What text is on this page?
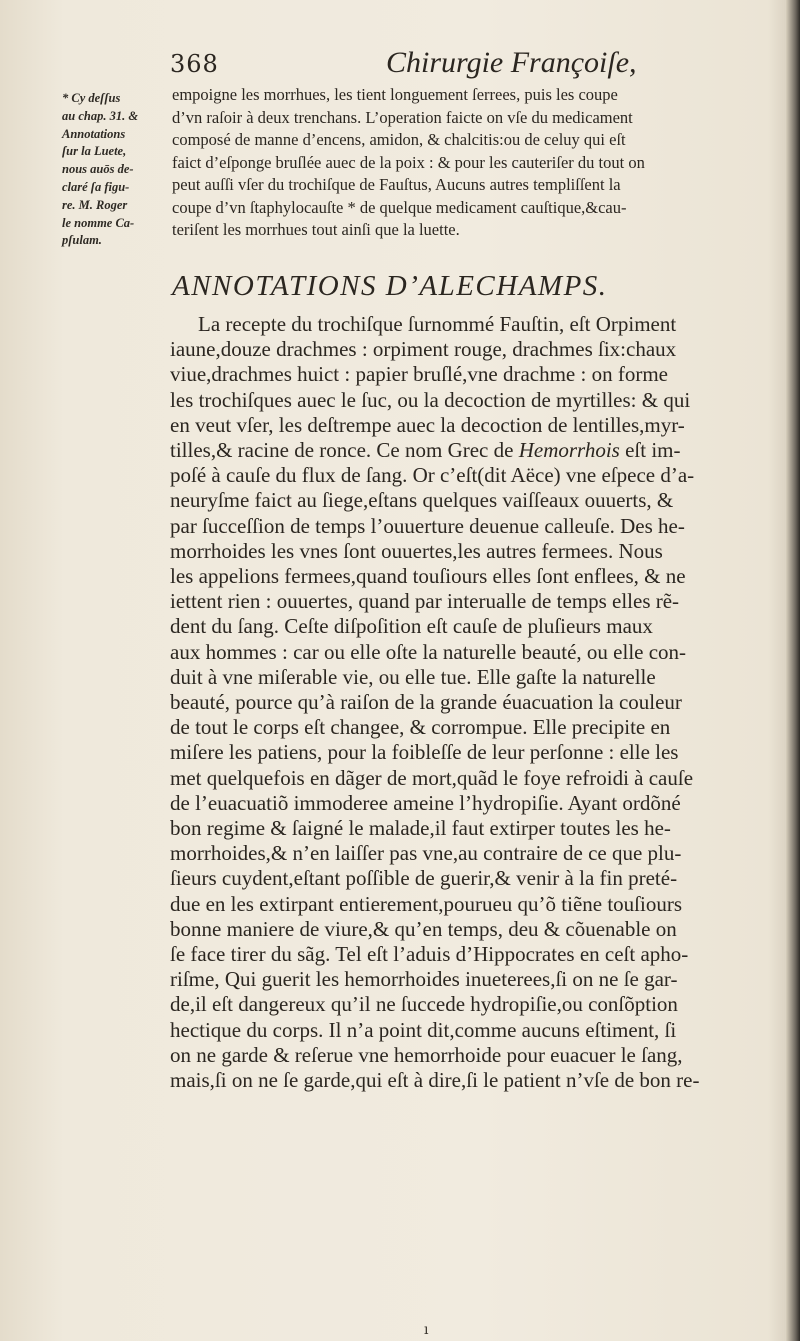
368	Chirurgie Françoiſe,
* Cy deſſus
au chap. 31. &
Annotations
ſur la Luete,
nous auōs de-
claré ſa figu-
re. M. Roger
le nomme Ca-
pſulam.
empoigne les morrhues, les tient longuement ſerrees, puis les coupe
d’vn raſoir à deux trenchans. L’operation faicte on vſe du medicament
composé de manne d’encens, amidon, & chalcitis:ou de celuy qui eſt
faict d’eſponge bruſlée auec de la poix : & pour les cauteriſer du tout on
peut auſſi vſer du trochiſque de Fauſtus, Aucuns autres templiſſent la
coupe d’vn ſtaphylocauſte * de quelque medicament cauſtique,&cau-
teriſent les morrhues tout ainſi que la luette.
ANNOTATIONS D’ALECHAMPS.
La recepte du trochiſque ſurnommé Fauſtin, eſt Orpiment
iaune,douze drachmes : orpiment rouge, drachmes ſix:chaux
viue,drachmes huict : papier bruſlé,vne drachme : on forme
les trochiſques auec le ſuc, ou la decoction de myrtilles: & qui
en veut vſer, les deſtrempe auec la decoction de lentilles,myr-
tilles,& racine de ronce. Ce nom Grec de Hemorrhois eſt im-
poſé à cauſe du flux de ſang. Or c’eſt(dit Aëce) vne eſpece d’a-
neuryſme faict au ſiege,eſtans quelques vaiſſeaux ouuerts, &
par ſucceſſion de temps l’ouuerture deuenue calleuſe. Des he-
morrhoides les vnes ſont ouuertes,les autres fermees. Nous
les appelions fermees,quand touſiours elles ſont enflees, & ne
iettent rien : ouuertes, quand par interualle de temps elles rẽ-
dent du ſang. Ceſte diſpoſition eſt cauſe de pluſieurs maux
aux hommes : car ou elle oſte la naturelle beauté, ou elle con-
duit à vne miſerable vie, ou elle tue. Elle gaſte la naturelle
beauté, pource qu’à raiſon de la grande éuacuation la couleur
de tout le corps eſt changee, & corrompue. Elle precipite en
miſere les patiens, pour la foibleſſe de leur perſonne : elle les
met quelquefois en dãger de mort,quãd le foye refroidi à cauſe
de l’euacuatiõ immoderee ameine l’hydropiſie. Ayant ordõné
bon regime & ſaigné le malade,il faut extirper toutes les he-
morrhoides,& n’en laiſſer pas vne,au contraire de ce que plu-
ſieurs cuydent,eſtant poſſible de guerir,& venir à la fin preté-
due en les extirpant entierement,pourueu qu’õ tiẽne touſiours
bonne maniere de viure,& qu’en temps, deu & cõuenable on
ſe face tirer du sãg. Tel eſt l’aduis d’Hippocrates en ceſt apho-
riſme, Qui guerit les hemorrhoides inueterees,ſi on ne ſe gar-
de,il eſt dangereux qu’il ne ſuccede hydropiſie,ou conſõption
hectique du corps. Il n’a point dit,comme aucuns eſtiment, ſi
on ne garde & reſerue vne hemorrhoide pour euacuer le ſang,
mais,ſi on ne ſe garde,qui eſt à dire,ſi le patient n’vſe de bon re-
ı
